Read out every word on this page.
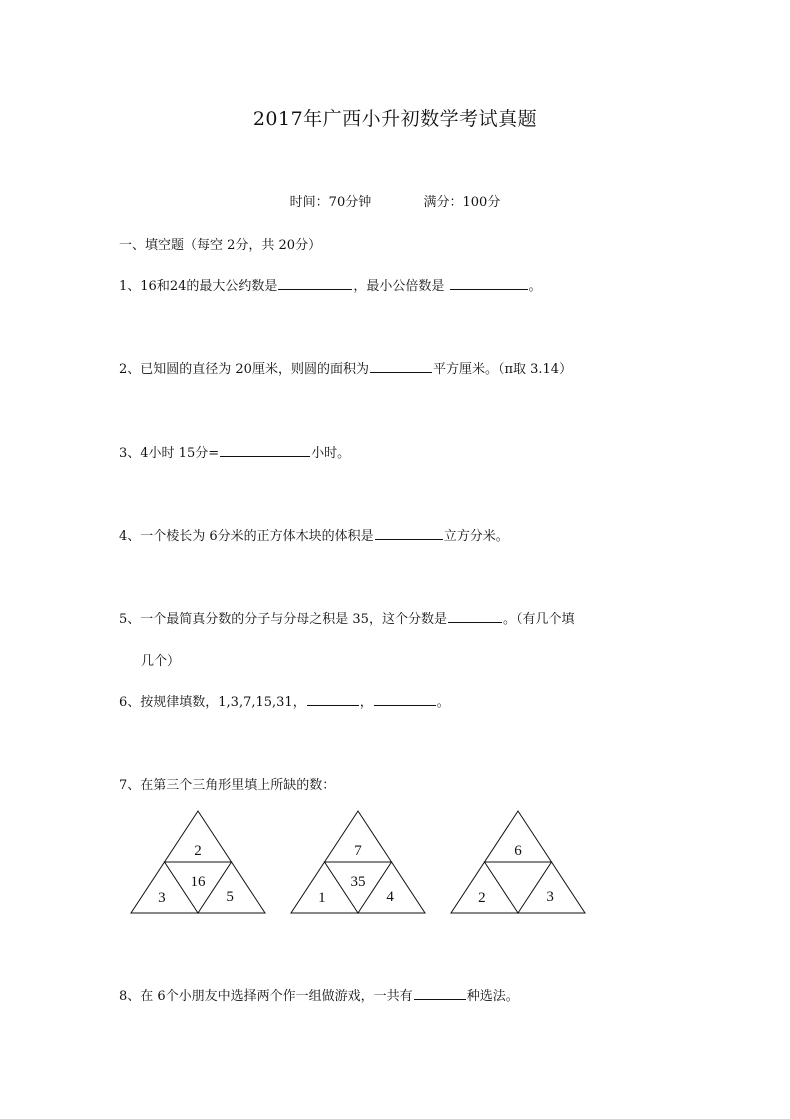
2017年广西小升初数学考试真题
时间：70分钟	满分：100分
一、填空题（每空 2分，共 20分）
1、16和24的最大公约数是	，最小公倍数是	。
2、已知圆的直径为 20厘米，则圆的面积为	平方厘米。（π取 3.14）
3、4小时 15分=	小时。
4、一个棱长为 6分米的正方体木块的体积是	立方分米。
5、一个最简真分数的分子与分母之积是 35，这个分数是	。（有几个填
几个）
6、按规律填数，1,3,7,15,31，	，	。
7、在第三个三角形里填上所缺的数：
2
16
3	5
7
35
1	4
6
2	3
8、在 6个小朋友中选择两个作一组做游戏，一共有	种选法。
